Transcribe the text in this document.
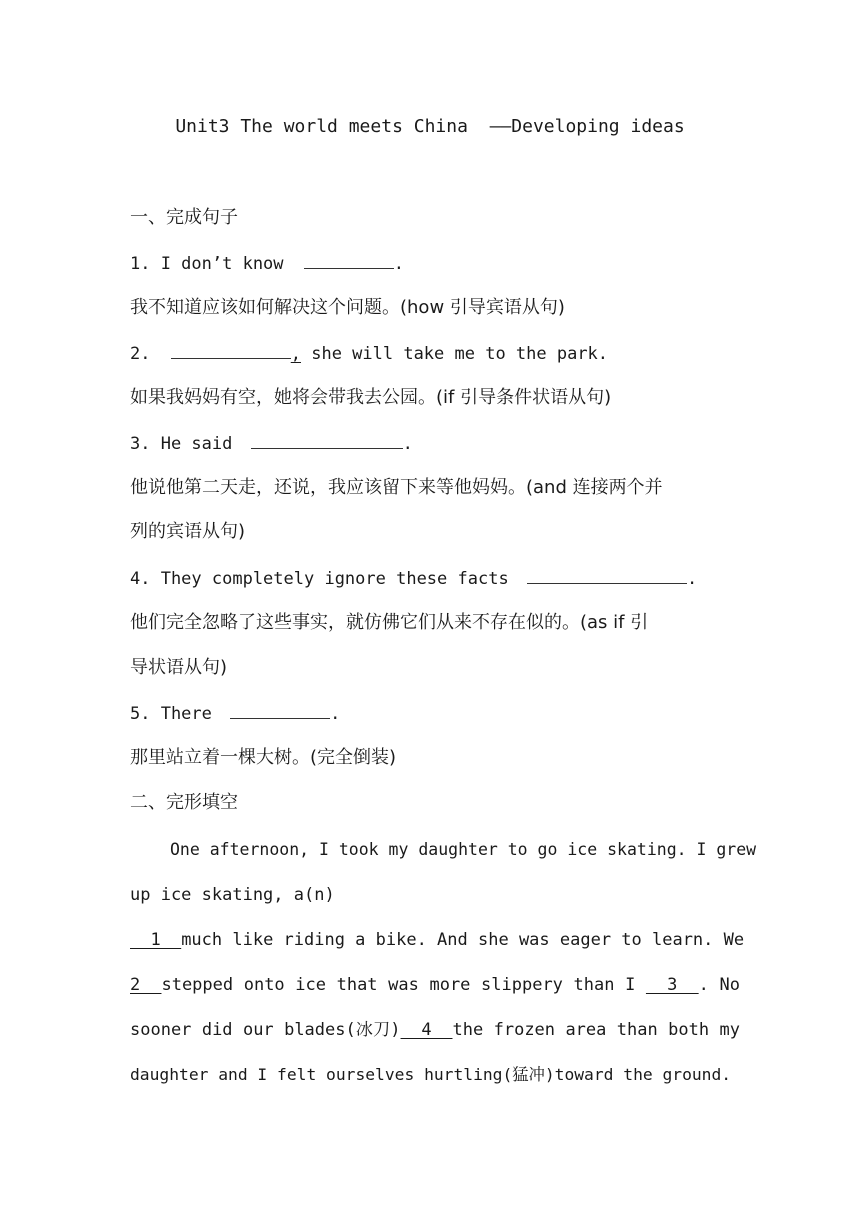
Unit3 The world meets China  ——Developing ideas
一、完成句子
1. I don’t know	.
我不知道应该如何解决这个问题。(how 引导宾语从句)
2.	, she will take me to the park.
如果我妈妈有空，她将会带我去公园。(if 引导条件状语从句)
3. He said	.
他说他第二天走，还说，我应该留下来等他妈妈。(and 连接两个并
列的宾语从句)
4. They completely ignore these facts	.
他们完全忽略了这些事实，就仿佛它们从来不存在似的。(as if 引
导状语从句)
5. There	.
那里站立着一棵大树。(完全倒装)
二、完形填空
One afternoon, I took my daughter to go ice skating. I grew
up ice skating, a(n)
1  much like riding a bike. And she was eager to learn. We
2  stepped onto ice that was more slippery than I   3  . No
sooner did our blades(冰刀)  4  the frozen area than both my
daughter and I felt ourselves hurtling(猛冲)toward the ground.
